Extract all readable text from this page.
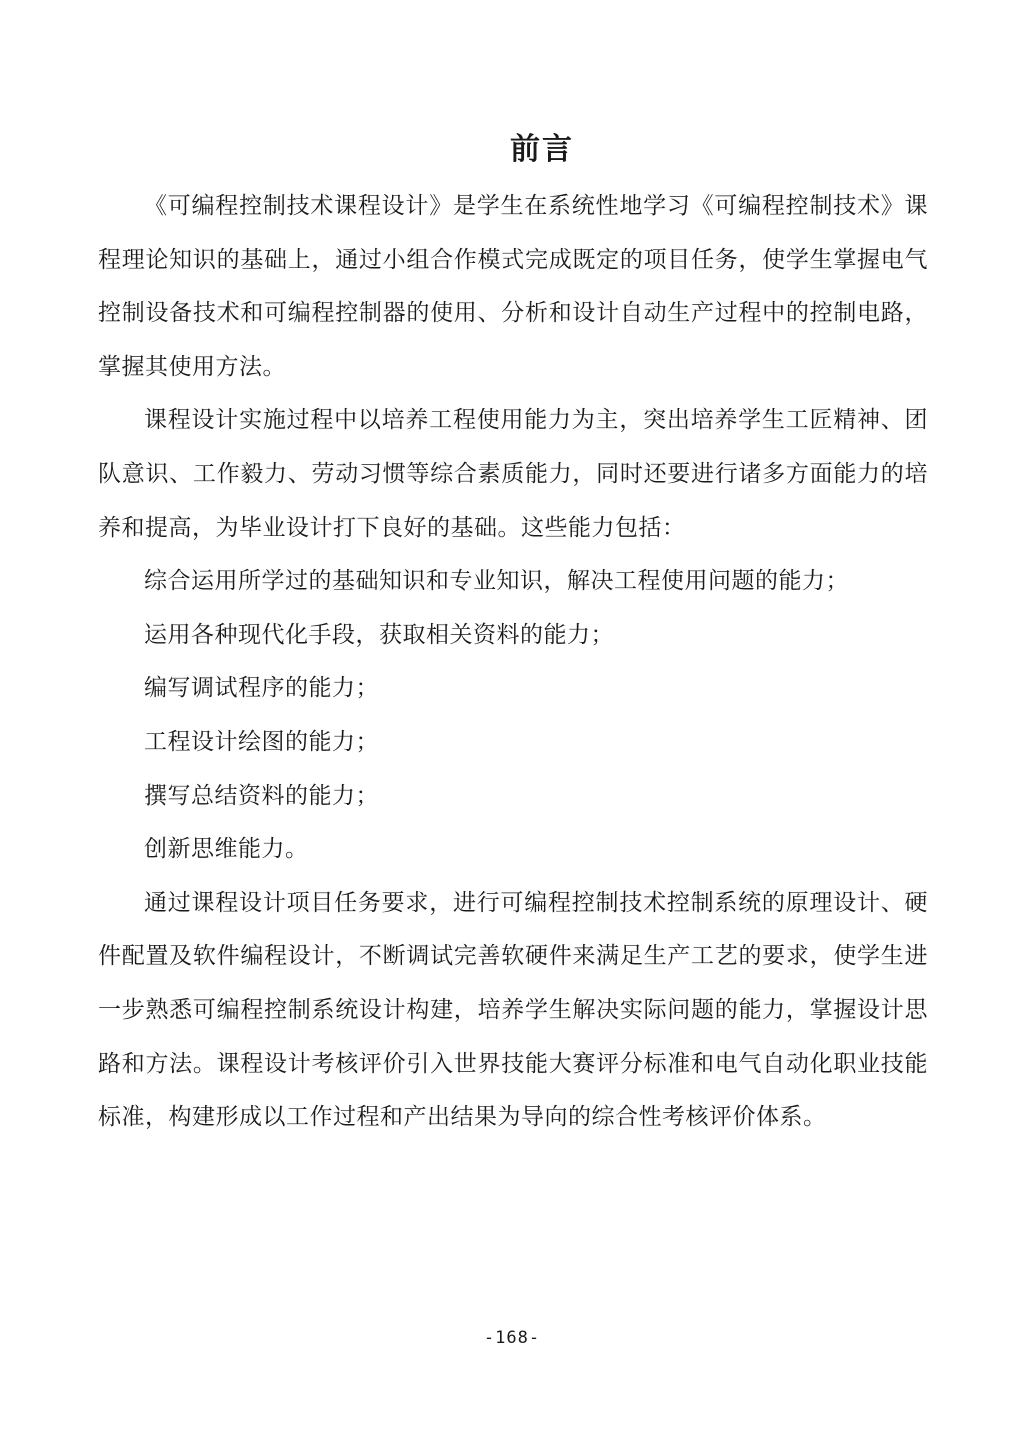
前言

《可编程控制技术课程设计》是学生在系统性地学习《可编程控制技术》课程理论知识的基础上，通过小组合作模式完成既定的项目任务，使学生掌握电气控制设备技术和可编程控制器的使用、分析和设计自动生产过程中的控制电路，掌握其使用方法。

课程设计实施过程中以培养工程使用能力为主，突出培养学生工匠精神、团队意识、工作毅力、劳动习惯等综合素质能力，同时还要进行诸多方面能力的培养和提高，为毕业设计打下良好的基础。这些能力包括：

综合运用所学过的基础知识和专业知识，解决工程使用问题的能力；

运用各种现代化手段，获取相关资料的能力；

编写调试程序的能力；

工程设计绘图的能力；

撰写总结资料的能力；

创新思维能力。

通过课程设计项目任务要求，进行可编程控制技术控制系统的原理设计、硬件配置及软件编程设计，不断调试完善软硬件来满足生产工艺的要求，使学生进一步熟悉可编程控制系统设计构建，培养学生解决实际问题的能力，掌握设计思路和方法。课程设计考核评价引入世界技能大赛评分标准和电气自动化职业技能标准，构建形成以工作过程和产出结果为导向的综合性考核评价体系。

-168-
